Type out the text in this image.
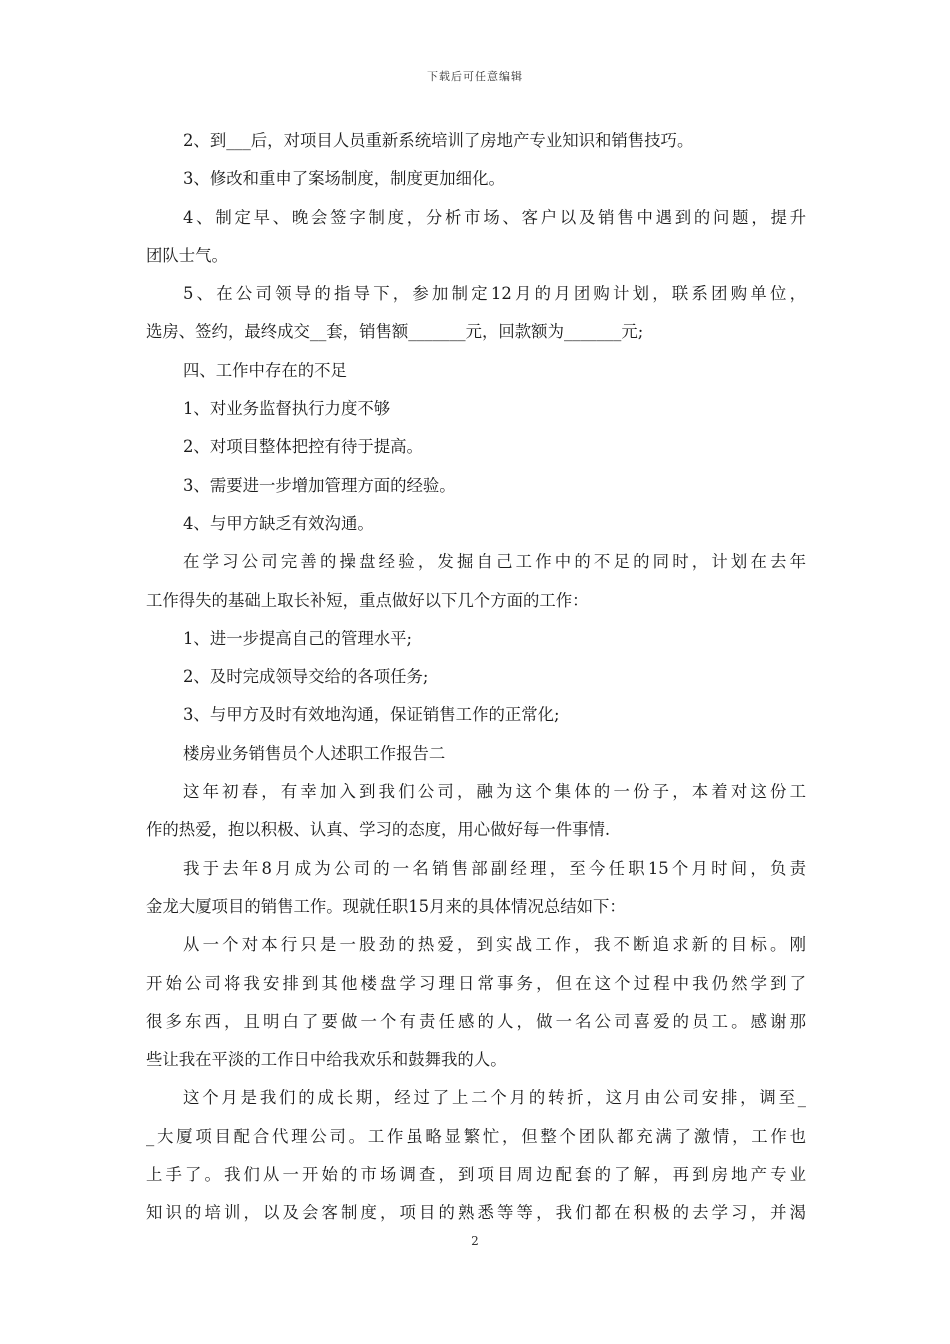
下载后可任意编辑
2、到___后，对项目人员重新系统培训了房地产专业知识和销售技巧。
3、修改和重申了案场制度，制度更加细化。
4、制定早、晚会签字制度，分析市场、客户以及销售中遇到的问题，提升
团队士气。
5、在公司领导的指导下，参加制定12月的月团购计划，联系团购单位，
选房、签约，最终成交__套，销售额_______元，回款额为_______元;
四、工作中存在的不足
1、对业务监督执行力度不够
2、对项目整体把控有待于提高。
3、需要进一步增加管理方面的经验。
4、与甲方缺乏有效沟通。
在学习公司完善的操盘经验，发掘自己工作中的不足的同时，计划在去年
工作得失的基础上取长补短，重点做好以下几个方面的工作：
1、进一步提高自己的管理水平;
2、及时完成领导交给的各项任务;
3、与甲方及时有效地沟通，保证销售工作的正常化;
楼房业务销售员个人述职工作报告二
这年初春，有幸加入到我们公司，融为这个集体的一份子，本着对这份工
作的热爱，抱以积极、认真、学习的态度，用心做好每一件事情.
我于去年8月成为公司的一名销售部副经理，至今任职15个月时间，负责
金龙大厦项目的销售工作。现就任职15月来的具体情况总结如下：
从一个对本行只是一股劲的热爱，到实战工作，我不断追求新的目标。刚
开始公司将我安排到其他楼盘学习理日常事务，但在这个过程中我仍然学到了
很多东西，且明白了要做一个有责任感的人，做一名公司喜爱的员工。感谢那
些让我在平淡的工作日中给我欢乐和鼓舞我的人。
这个月是我们的成长期，经过了上二个月的转折，这月由公司安排，调至_
_大厦项目配合代理公司。工作虽略显繁忙，但整个团队都充满了激情，工作也
上手了。我们从一开始的市场调查，到项目周边配套的了解，再到房地产专业
知识的培训，以及会客制度，项目的熟悉等等，我们都在积极的去学习，并渴
2
